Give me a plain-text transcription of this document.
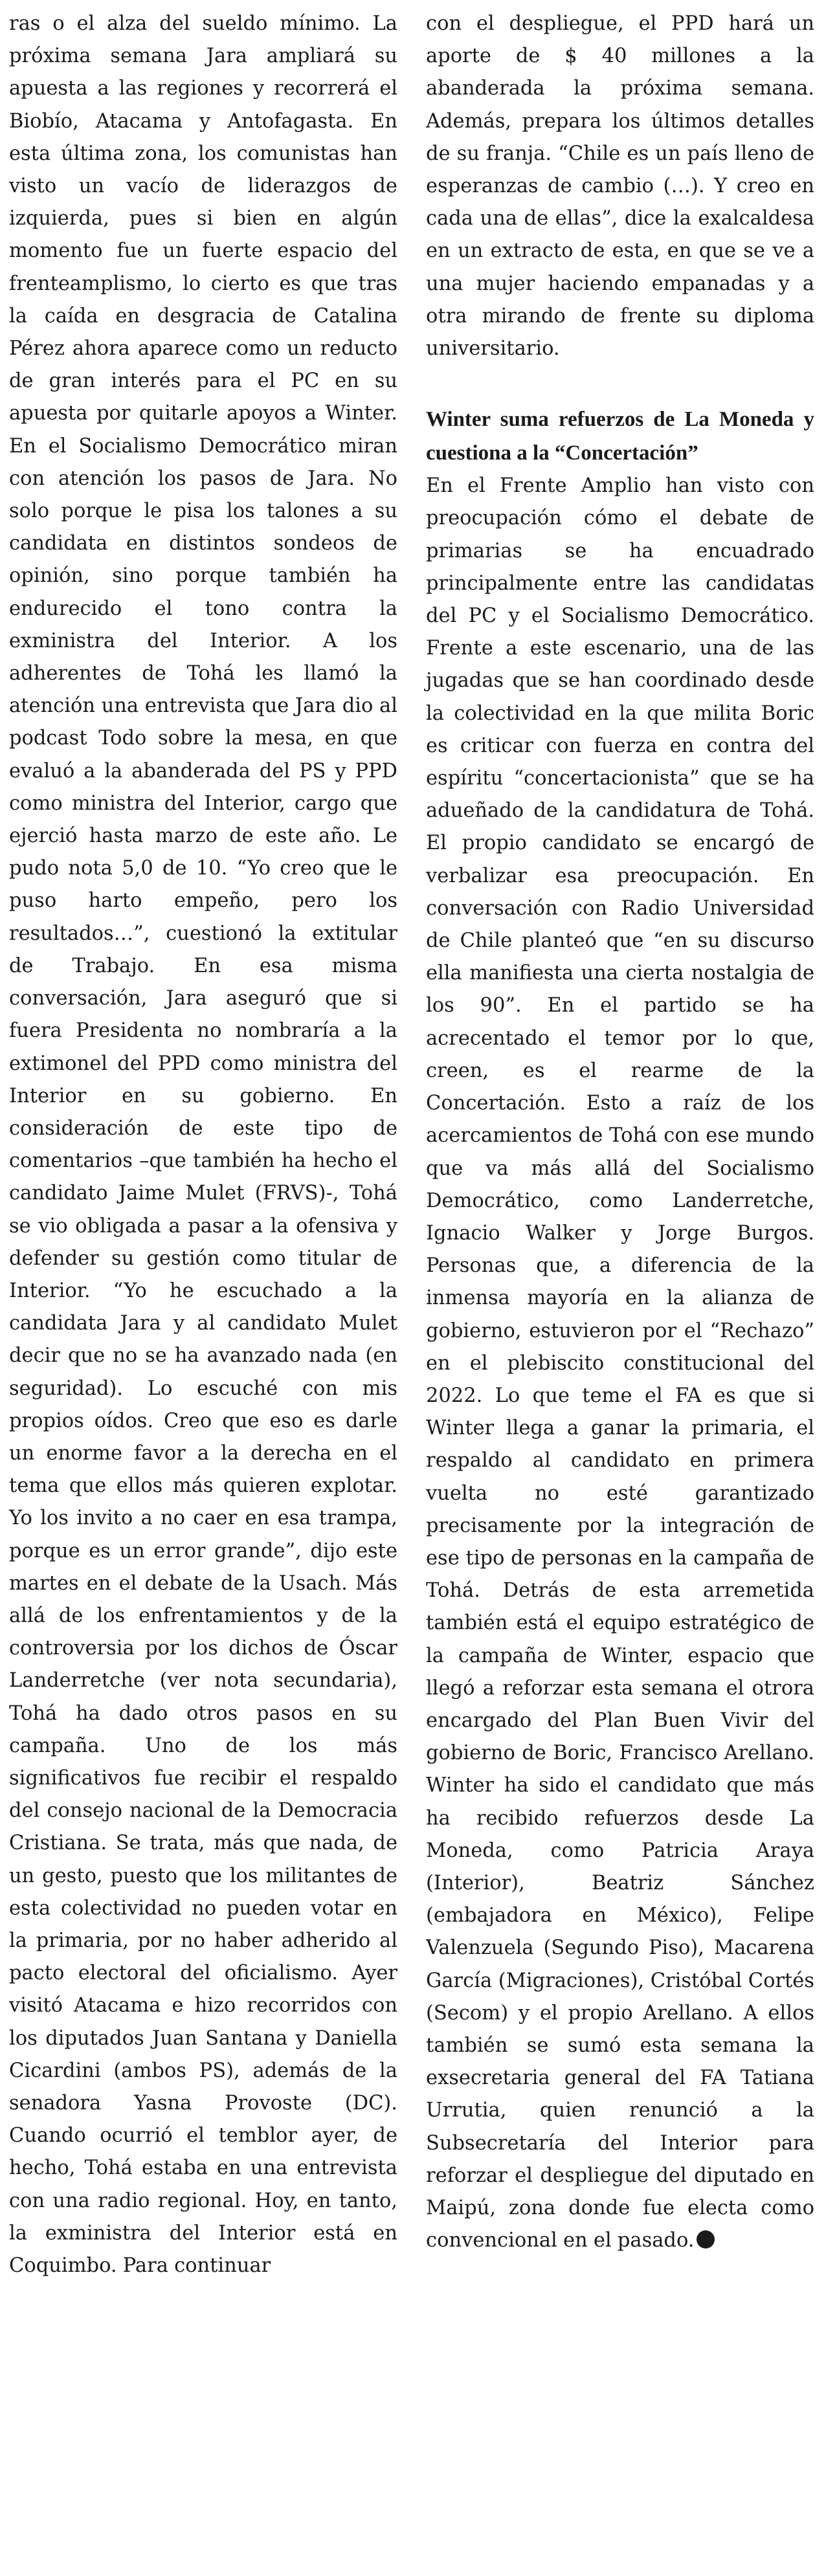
ras o el alza del sueldo mínimo. La próxima semana Jara ampliará su apuesta a las regiones y recorrerá el Biobío, Atacama y Antofagasta. En esta última zona, los comunistas han visto un vacío de liderazgos de izquierda, pues si bien en algún momento fue un fuerte espacio del frenteamplismo, lo cierto es que tras la caída en desgracia de Catalina Pérez ahora aparece como un reducto de gran interés para el PC en su apuesta por quitarle apoyos a Winter. En el Socialismo Democrático miran con atención los pasos de Jara. No solo porque le pisa los talones a su candidata en distintos sondeos de opinión, sino porque también ha endurecido el tono contra la exministra del Interior. A los adherentes de Tohá les llamó la atención una entrevista que Jara dio al podcast Todo sobre la mesa, en que evaluó a la abanderada del PS y PPD como ministra del Interior, cargo que ejerció hasta marzo de este año. Le pudo nota 5,0 de 10. “Yo creo que le puso harto empeño, pero los resultados…”, cuestionó la extitular de Trabajo. En esa misma conversación, Jara aseguró que si fuera Presidenta no nombraría a la extimonel del PPD como ministra del Interior en su gobierno. En consideración de este tipo de comentarios –que también ha hecho el candidato Jaime Mulet (FRVS)-, Tohá se vio obligada a pasar a la ofensiva y defender su gestión como titular de Interior. “Yo he escuchado a la candidata Jara y al candidato Mulet decir que no se ha avanzado nada (en seguridad). Lo escuché con mis propios oídos. Creo que eso es darle un enorme favor a la derecha en el tema que ellos más quieren explotar. Yo los invito a no caer en esa trampa, porque es un error grande”, dijo este martes en el debate de la Usach. Más allá de los enfrentamientos y de la controversia por los dichos de Óscar Landerretche (ver nota secundaria), Tohá ha dado otros pasos en su campaña. Uno de los más significativos fue recibir el respaldo del consejo nacional de la Democracia Cristiana. Se trata, más que nada, de un gesto, puesto que los militantes de esta colectividad no pueden votar en la primaria, por no haber adherido al pacto electoral del oficialismo. Ayer visitó Atacama e hizo recorridos con los diputados Juan Santana y Daniella Cicardini (ambos PS), además de la senadora Yasna Provoste (DC). Cuando ocurrió el temblor ayer, de hecho, Tohá estaba en una entrevista con una radio regional. Hoy, en tanto, la exministra del Interior está en Coquimbo. Para continuar

con el despliegue, el PPD hará un aporte de $ 40 millones a la abanderada la próxima semana. Además, prepara los últimos detalles de su franja. “Chile es un país lleno de esperanzas de cambio (…). Y creo en cada una de ellas”, dice la exalcaldesa en un extracto de esta, en que se ve a una mujer haciendo empanadas y a otra mirando de frente su diploma universitario.

Winter suma refuerzos de La Moneda y cuestiona a la “Concertación”

En el Frente Amplio han visto con preocupación cómo el debate de primarias se ha encuadrado principalmente entre las candidatas del PC y el Socialismo Democrático. Frente a este escenario, una de las jugadas que se han coordinado desde la colectividad en la que milita Boric es criticar con fuerza en contra del espíritu “concertacionista” que se ha adueñado de la candidatura de Tohá. El propio candidato se encargó de verbalizar esa preocupación. En conversación con Radio Universidad de Chile planteó que “en su discurso ella manifiesta una cierta nostalgia de los 90”. En el partido se ha acrecentado el temor por lo que, creen, es el rearme de la Concertación. Esto a raíz de los acercamientos de Tohá con ese mundo que va más allá del Socialismo Democrático, como Landerretche, Ignacio Walker y Jorge Burgos. Personas que, a diferencia de la inmensa mayoría en la alianza de gobierno, estuvieron por el “Rechazo” en el plebiscito constitucional del 2022. Lo que teme el FA es que si Winter llega a ganar la primaria, el respaldo al candidato en primera vuelta no esté garantizado precisamente por la integración de ese tipo de personas en la campaña de Tohá. Detrás de esta arremetida también está el equipo estratégico de la campaña de Winter, espacio que llegó a reforzar esta semana el otrora encargado del Plan Buen Vivir del gobierno de Boric, Francisco Arellano. Winter ha sido el candidato que más ha recibido refuerzos desde La Moneda, como Patricia Araya (Interior), Beatriz Sánchez (embajadora en México), Felipe Valenzuela (Segundo Piso), Macarena García (Migraciones), Cristóbal Cortés (Secom) y el propio Arellano. A ellos también se sumó esta semana la exsecretaria general del FA Tatiana Urrutia, quien renunció a la Subsecretaría del Interior para reforzar el despliegue del diputado en Maipú, zona donde fue electa como convencional en el pasado.
